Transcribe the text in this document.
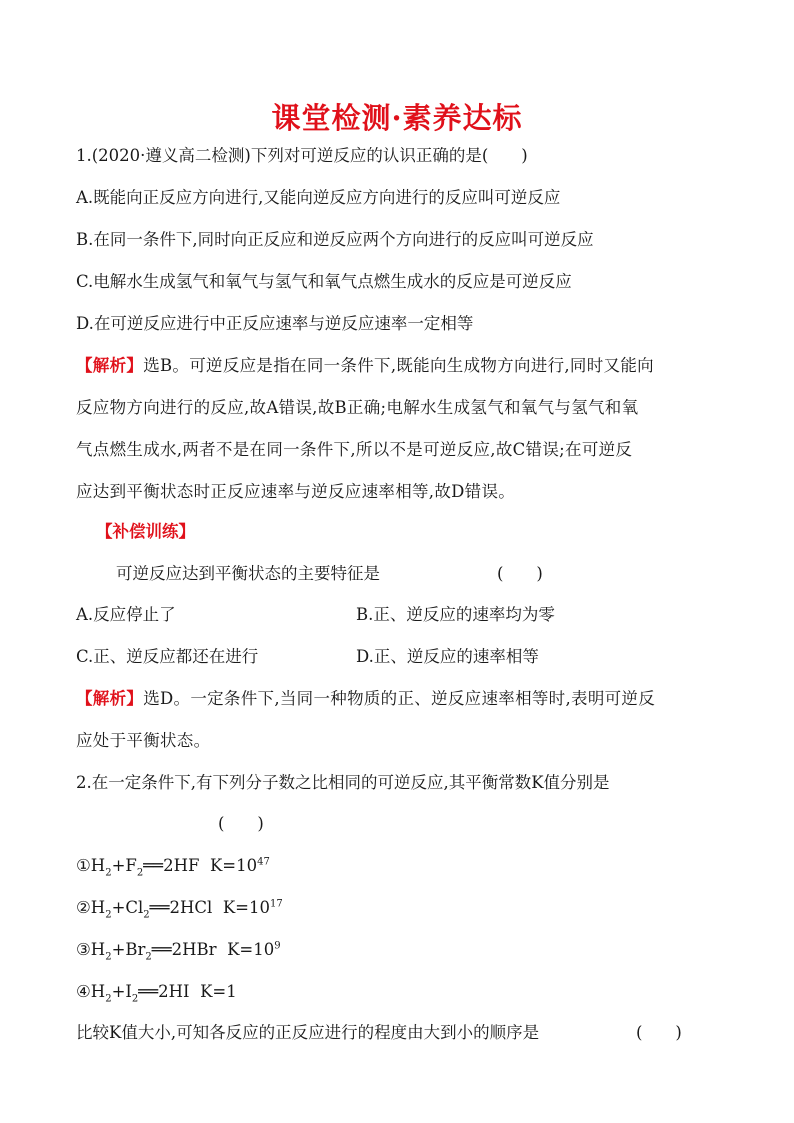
课堂检测·素养达标
1.(2020·遵义高二检测)下列对可逆反应的认识正确的是(　　)
A.既能向正反应方向进行,又能向逆反应方向进行的反应叫可逆反应
B.在同一条件下,同时向正反应和逆反应两个方向进行的反应叫可逆反应
C.电解水生成氢气和氧气与氢气和氧气点燃生成水的反应是可逆反应
D.在可逆反应进行中正反应速率与逆反应速率一定相等
【解析】选B。可逆反应是指在同一条件下,既能向生成物方向进行,同时又能向
反应物方向进行的反应,故A错误,故B正确;电解水生成氢气和氧气与氢气和氧
气点燃生成水,两者不是在同一条件下,所以不是可逆反应,故C错误;在可逆反
应达到平衡状态时正反应速率与逆反应速率相等,故D错误。
【补偿训练】
可逆反应达到平衡状态的主要特征是	(　　)
A.反应停止了	B.正、逆反应的速率均为零
C.正、逆反应都还在进行	D.正、逆反应的速率相等
【解析】选D。一定条件下,当同一种物质的正、逆反应速率相等时,表明可逆反
应处于平衡状态。
2.在一定条件下,有下列分子数之比相同的可逆反应,其平衡常数K值分别是
(　　)
$①H_2+F_2══2HF$ $K=10^{47}$
$②H_2+Cl_2══2HCl$ $K=10^{17}$
$③H_2+Br_2══2HBr$ $K=10^9$
$④H_2+I_2══2HI$ K=1
比较K值大小,可知各反应的正反应进行的程度由大到小的顺序是	(　　)
